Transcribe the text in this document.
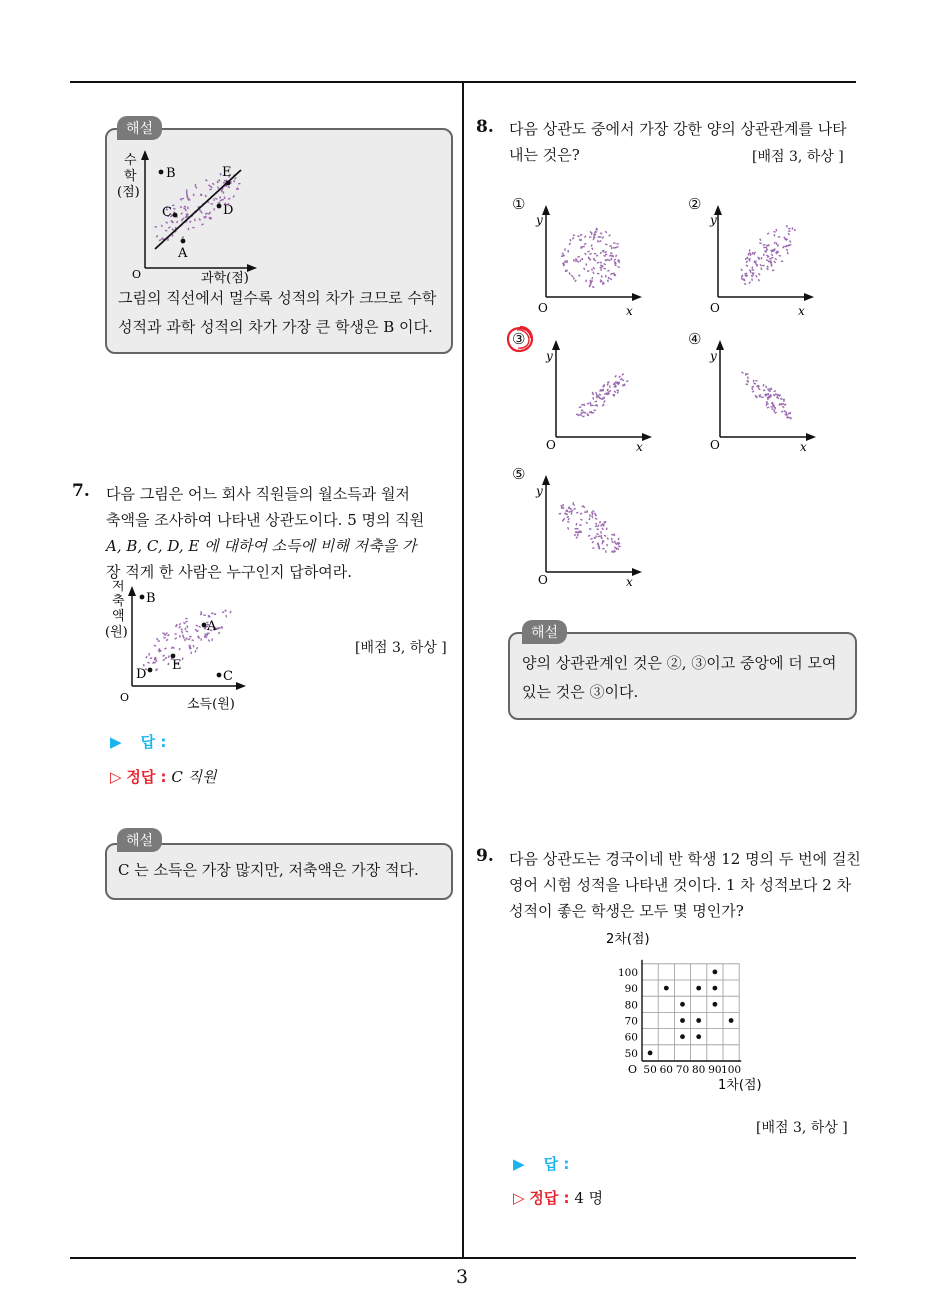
해설
수
학
(점)
O	과학(점)
B	E
C	D
A
그림의 직선에서 멀수록 성적의 차가 크므로 수학
성적과 과학 성적의 차가 가장 큰 학생은 B 이다.
7. 다음 그림은 어느 회사 직원들의 월소득과 월저
축액을 조사하여 나타낸 상관도이다. 5 명의 직원
A, B, C, D, E 에 대하여 소득에 비해 저축을 가
장 적게 한 사람은 누구인지 답하여라.
저
축
액
(원)
O	소득(원)
B
A
E
D	C
[배점 3, 하상 ]
▶ 답 :
▷ 정답 : C 직원
해설
C 는 소득은 가장 많지만, 저축액은 가장 적다.
8. 다음 상관도 중에서 가장 강한 양의 상관관계를 나타
내는 것은?	[배점 3, 하상 ]
①	②
③	④
⑤
y
O	x
y
O	x
y
O	x
y
O	x
y
O	x
해설
양의 상관관계인 것은 ②, ③이고 중앙에 더 모여
있는 것은 ③이다.
9. 다음 상관도는 경국이네 반 학생 12 명의 두 번에 걸친
영어 시험 성적을 나타낸 것이다. 1 차 성적보다 2 차
성적이 좋은 학생은 모두 몇 명인가?
50 60 70 80 90 100
50
60
70
80
90
100
2차(점)
1차(점)
O
[배점 3, 하상 ]
▶ 답 :
▷ 정답 : 4 명
3
